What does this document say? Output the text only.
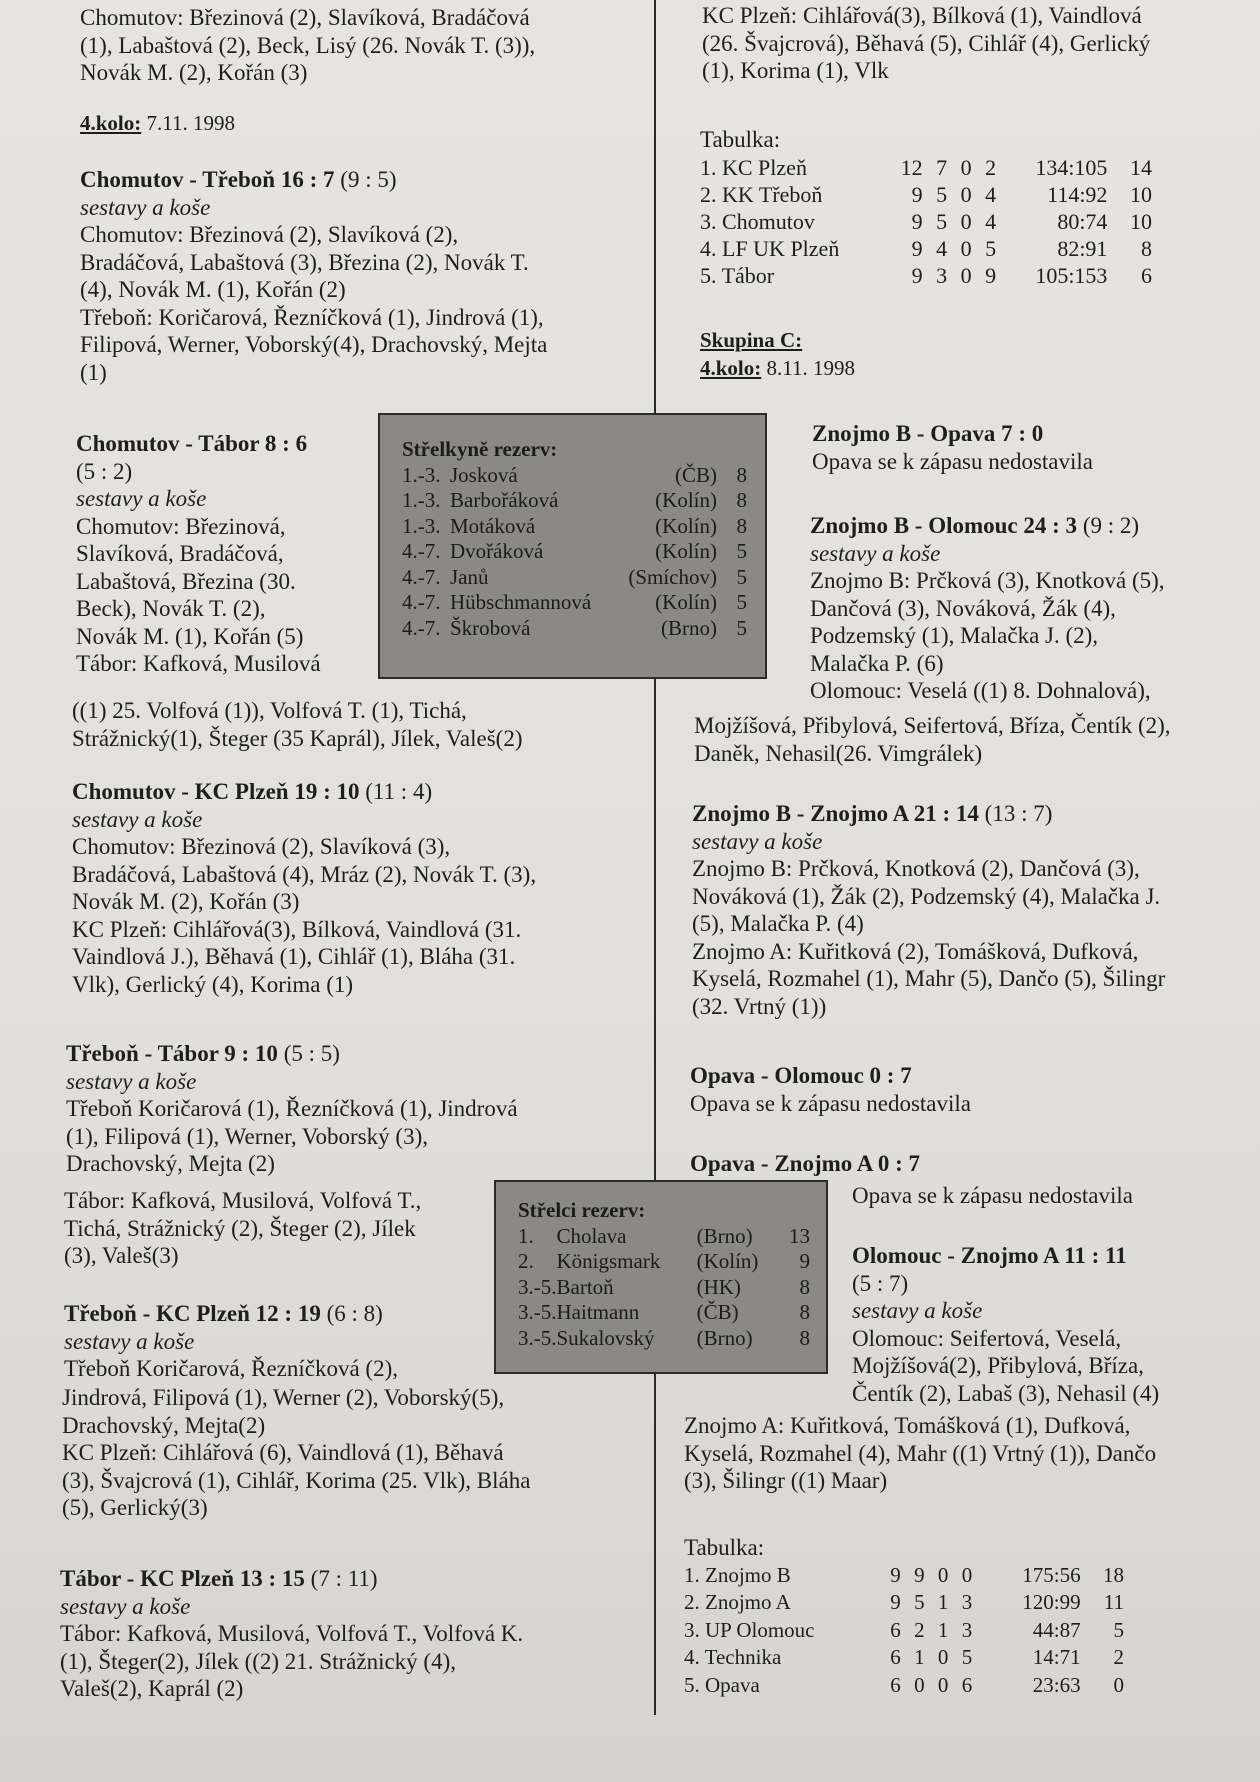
Chomutov: Březinová (2), Slavíková, Bradáčová
(1), Labaštová (2), Beck, Lisý (26. Novák T. (3)),
Novák M. (2), Kořán (3)
4.kolo: 7.11. 1998
Chomutov - Třeboň 16 : 7 (9 : 5)
sestavy a koše
Chomutov: Březinová (2), Slavíková (2),
Bradáčová, Labaštová (3), Březina (2), Novák T.
(4), Novák M. (1), Kořán (2)
Třeboň: Koričarová, Řezníčková (1), Jindrová (1),
Filipová, Werner, Voborský(4), Drachovský, Mejta
(1)
Chomutov - Tábor 8 : 6
(5 : 2)
sestavy a koše
Chomutov: Březinová,
Slavíková, Bradáčová,
Labaštová, Březina (30.
Beck), Novák T. (2),
Novák M. (1), Kořán (5)
Tábor: Kafková, Musilová
((1) 25. Volfová (1)), Volfová T. (1), Tichá,
Strážnický(1), Šteger (35 Kaprál), Jílek, Valeš(2)
Střelkyně rezerv:
1.-3.	Josková	(ČB)	8
1.-3.	Barbořáková	(Kolín)	8
1.-3.	Motáková	(Kolín)	8
4.-7.	Dvořáková	(Kolín)	5
4.-7.	Janů	(Smíchov)	5
4.-7.	Hübschmannová	(Kolín)	5
4.-7.	Škrobová	(Brno)	5
Chomutov - KC Plzeň 19 : 10 (11 : 4)
sestavy a koše
Chomutov: Březinová (2), Slavíková (3),
Bradáčová, Labaštová (4), Mráz (2), Novák T. (3),
Novák M. (2), Kořán (3)
KC Plzeň: Cihlářová(3), Bílková, Vaindlová (31.
Vaindlová J.), Běhavá (1), Cihlář (1), Bláha (31.
Vlk), Gerlický (4), Korima (1)
Třeboň - Tábor 9 : 10 (5 : 5)
sestavy a koše
Třeboň Koričarová (1), Řezníčková (1), Jindrová
(1), Filipová (1), Werner, Voborský (3),
Drachovský, Mejta (2)
Tábor: Kafková, Musilová, Volfová T.,
Tichá, Strážnický (2), Šteger (2), Jílek
(3), Valeš(3)
Střelci rezerv:
1.	Cholava	(Brno)	13
2.	Königsmark	(Kolín)	9
3.-5.	Bartoň	(HK)	8
3.-5.	Haitmann	(ČB)	8
3.-5.	Sukalovský	(Brno)	8
Třeboň - KC Plzeň 12 : 19 (6 : 8)
sestavy a koše
Třeboň Koričarová, Řezníčková (2),
Jindrová, Filipová (1), Werner (2), Voborský(5),
Drachovský, Mejta(2)
KC Plzeň: Cihlářová (6), Vaindlová (1), Běhavá
(3), Švajcrová (1), Cihlář, Korima (25. Vlk), Bláha
(5), Gerlický(3)
Tábor - KC Plzeň 13 : 15 (7 : 11)
sestavy a koše
Tábor: Kafková, Musilová, Volfová T., Volfová K.
(1), Šteger(2), Jílek ((2) 21. Strážnický (4),
Valeš(2), Kaprál (2)
KC Plzeň: Cihlářová(3), Bílková (1), Vaindlová
(26. Švajcrová), Běhavá (5), Cihlář (4), Gerlický
(1), Korima (1), Vlk
Tabulka:
1. KC Plzeň	12	7	0	2	134:105	14
2. KK Třeboň	9	5	0	4	114:92	10
3. Chomutov	9	5	0	4	80:74	10
4. LF UK Plzeň	9	4	0	5	82:91	8
5. Tábor	9	3	0	9	105:153	6
Skupina C:
4.kolo: 8.11. 1998
Znojmo B - Opava 7 : 0
Opava se k zápasu nedostavila
Znojmo B - Olomouc 24 : 3 (9 : 2)
sestavy a koše
Znojmo B: Prčková (3), Knotková (5),
Dančová (3), Nováková, Žák (4),
Podzemský (1), Malačka J. (2),
Malačka P. (6)
Olomouc: Veselá ((1) 8. Dohnalová),
Mojžíšová, Přibylová, Seifertová, Bříza, Čentík (2),
Daněk, Nehasil(26. Vimgrálek)
Znojmo B - Znojmo A 21 : 14 (13 : 7)
sestavy a koše
Znojmo B: Prčková, Knotková (2), Dančová (3),
Nováková (1), Žák (2), Podzemský (4), Malačka J.
(5), Malačka P. (4)
Znojmo A: Kuřitková (2), Tomášková, Dufková,
Kyselá, Rozmahel (1), Mahr (5), Dančo (5), Šilingr
(32. Vrtný (1))
Opava - Olomouc 0 : 7
Opava se k zápasu nedostavila
Opava - Znojmo A 0 : 7
Opava se k zápasu nedostavila
Olomouc - Znojmo A 11 : 11
(5 : 7)
sestavy a koše
Olomouc: Seifertová, Veselá,
Mojžíšová(2), Přibylová, Bříza,
Čentík (2), Labaš (3), Nehasil (4)
Znojmo A: Kuřitková, Tomášková (1), Dufková,
Kyselá, Rozmahel (4), Mahr ((1) Vrtný (1)), Dančo
(3), Šilingr ((1) Maar)
Tabulka:
1. Znojmo B	9	9	0	0	175:56	18
2. Znojmo A	9	5	1	3	120:99	11
3. UP Olomouc	6	2	1	3	44:87	5
4. Technika	6	1	0	5	14:71	2
5. Opava	6	0	0	6	23:63	0
